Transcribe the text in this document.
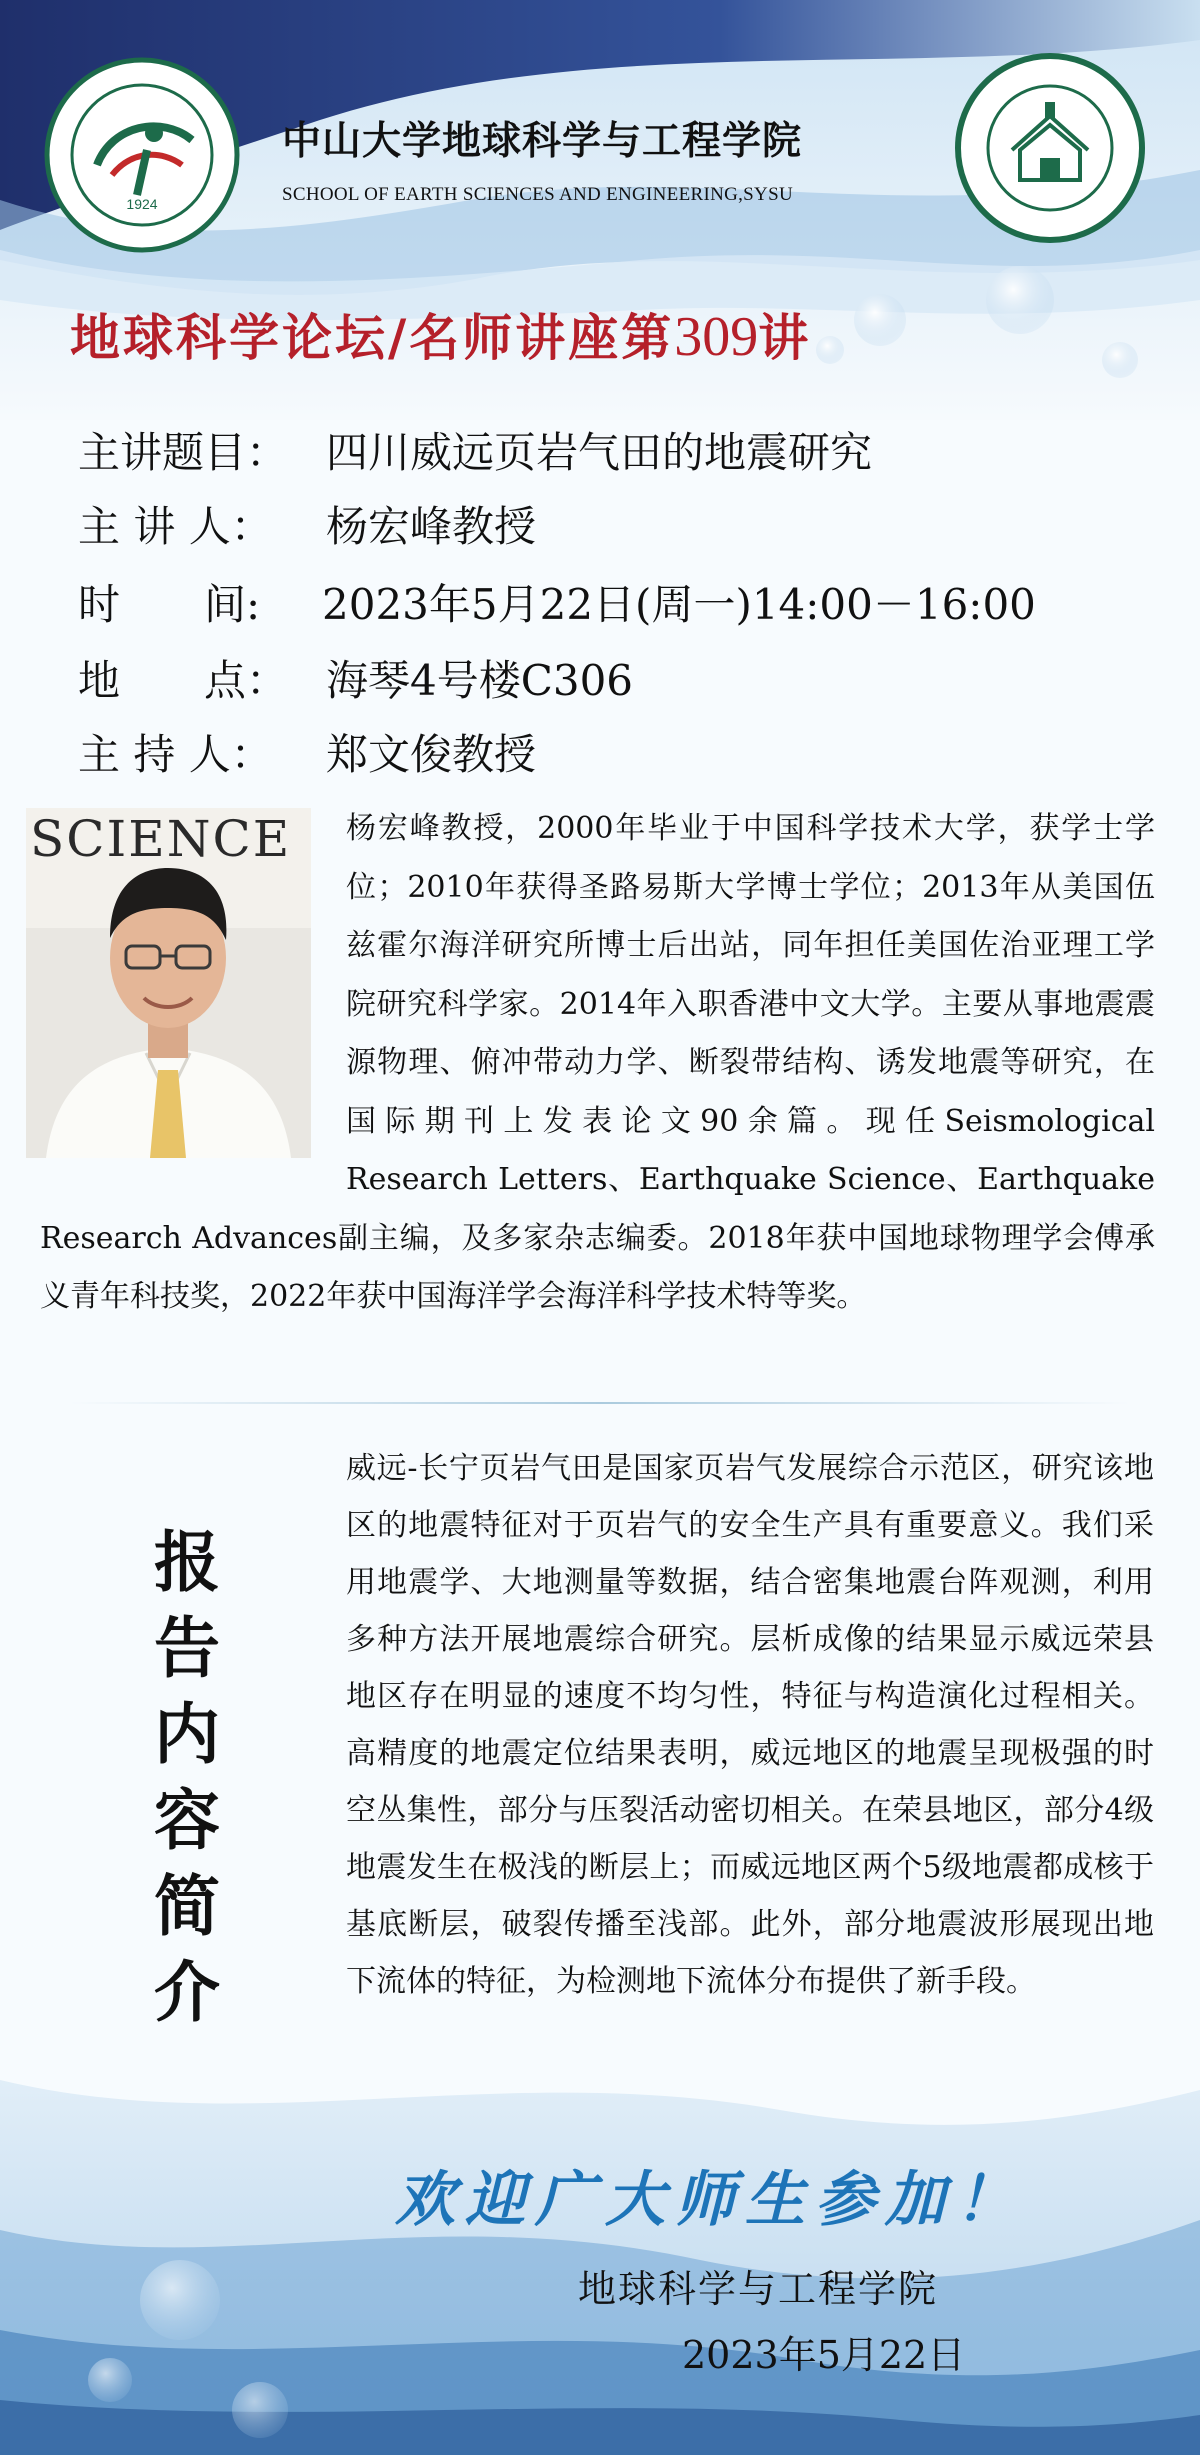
1924
中山大学地球科学与工程学院
SCHOOL OF EARTH SCIENCES AND ENGINEERING,SYSU
地球科学论坛/名师讲座第309讲
主讲题目： 四川威远页岩气田的地震研究
主 讲 人： 杨宏峰教授
时　　间: 2023年5月22日(周一)14:00－16:00
地　　点： 海琴4号楼C306
主 持 人： 郑文俊教授
SCIENCE	杨宏峰教授，2000年毕业于中国科学技术大学，获学士学位；2010年获得圣路易斯大学博士学位；2013年从美国伍兹霍尔海洋研究所博士后出站，同年担任美国佐治亚理工学院研究科学家。2014年入职香港中文大学。主要从事地震震源物理、俯冲带动力学、断裂带结构、诱发地震等研究，在国际期刊上发表论文90余篇。现任Seismological Research Letters、Earthquake Science、Earthquake Research Advances副主编，及多家杂志编委。2018年获中国地球物理学会傅承义青年科技奖，2022年获中国海洋学会海洋科学技术特等奖。
报
告
内
容
简
介
威远-长宁页岩气田是国家页岩气发展综合示范区，研究该地区的地震特征对于页岩气的安全生产具有重要意义。我们采用地震学、大地测量等数据，结合密集地震台阵观测，利用多种方法开展地震综合研究。层析成像的结果显示威远荣县地区存在明显的速度不均匀性，特征与构造演化过程相关。高精度的地震定位结果表明，威远地区的地震呈现极强的时空丛集性，部分与压裂活动密切相关。在荣县地区，部分4级地震发生在极浅的断层上；而威远地区两个5级地震都成核于基底断层，破裂传播至浅部。此外，部分地震波形展现出地下流体的特征，为检测地下流体分布提供了新手段。
欢迎广大师生参加！
地球科学与工程学院
2023年5月22日
